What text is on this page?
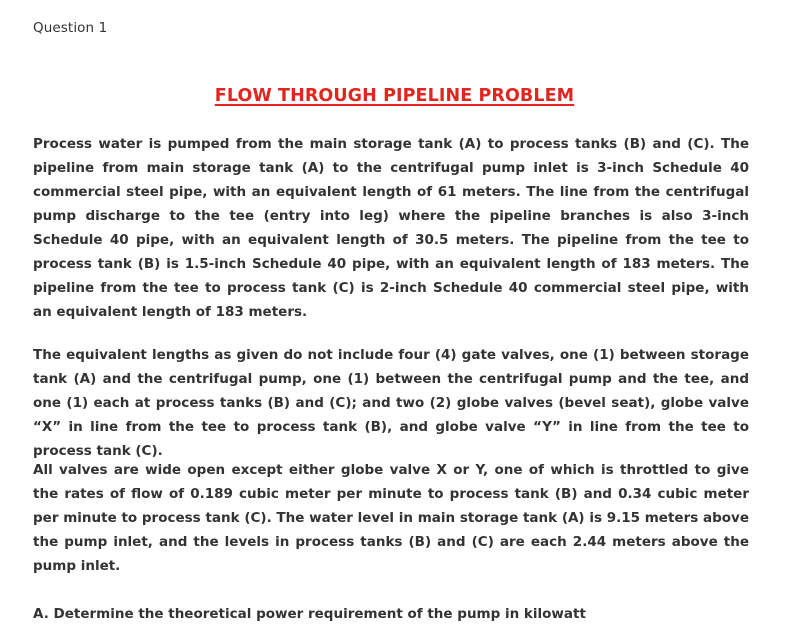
Question 1
FLOW THROUGH PIPELINE PROBLEM

Process water is pumped from the main storage tank (A) to process tanks (B) and (C). The pipeline from main storage tank (A) to the centrifugal pump inlet is 3-inch Schedule 40 commercial steel pipe, with an equivalent length of 61 meters. The line from the centrifugal pump discharge to the tee (entry into leg) where the pipeline branches is also 3-inch Schedule 40 pipe, with an equivalent length of 30.5 meters. The pipeline from the tee to process tank (B) is 1.5-inch Schedule 40 pipe, with an equivalent length of 183 meters. The pipeline from the tee to process tank (C) is 2-inch Schedule 40 commercial steel pipe, with an equivalent length of 183 meters.

The equivalent lengths as given do not include four (4) gate valves, one (1) between storage tank (A) and the centrifugal pump, one (1) between the centrifugal pump and the tee, and one (1) each at process tanks (B) and (C); and two (2) globe valves (bevel seat), globe valve “X” in line from the tee to process tank (B), and globe valve “Y” in line from the tee to process tank (C).

All valves are wide open except either globe valve X or Y, one of which is throttled to give the rates of flow of 0.189 cubic meter per minute to process tank (B) and 0.34 cubic meter per minute to process tank (C). The water level in main storage tank (A) is 9.15 meters above the pump inlet, and the levels in process tanks (B) and (C) are each 2.44 meters above the pump inlet.

A. Determine the theoretical power requirement of the pump in kilowatt
